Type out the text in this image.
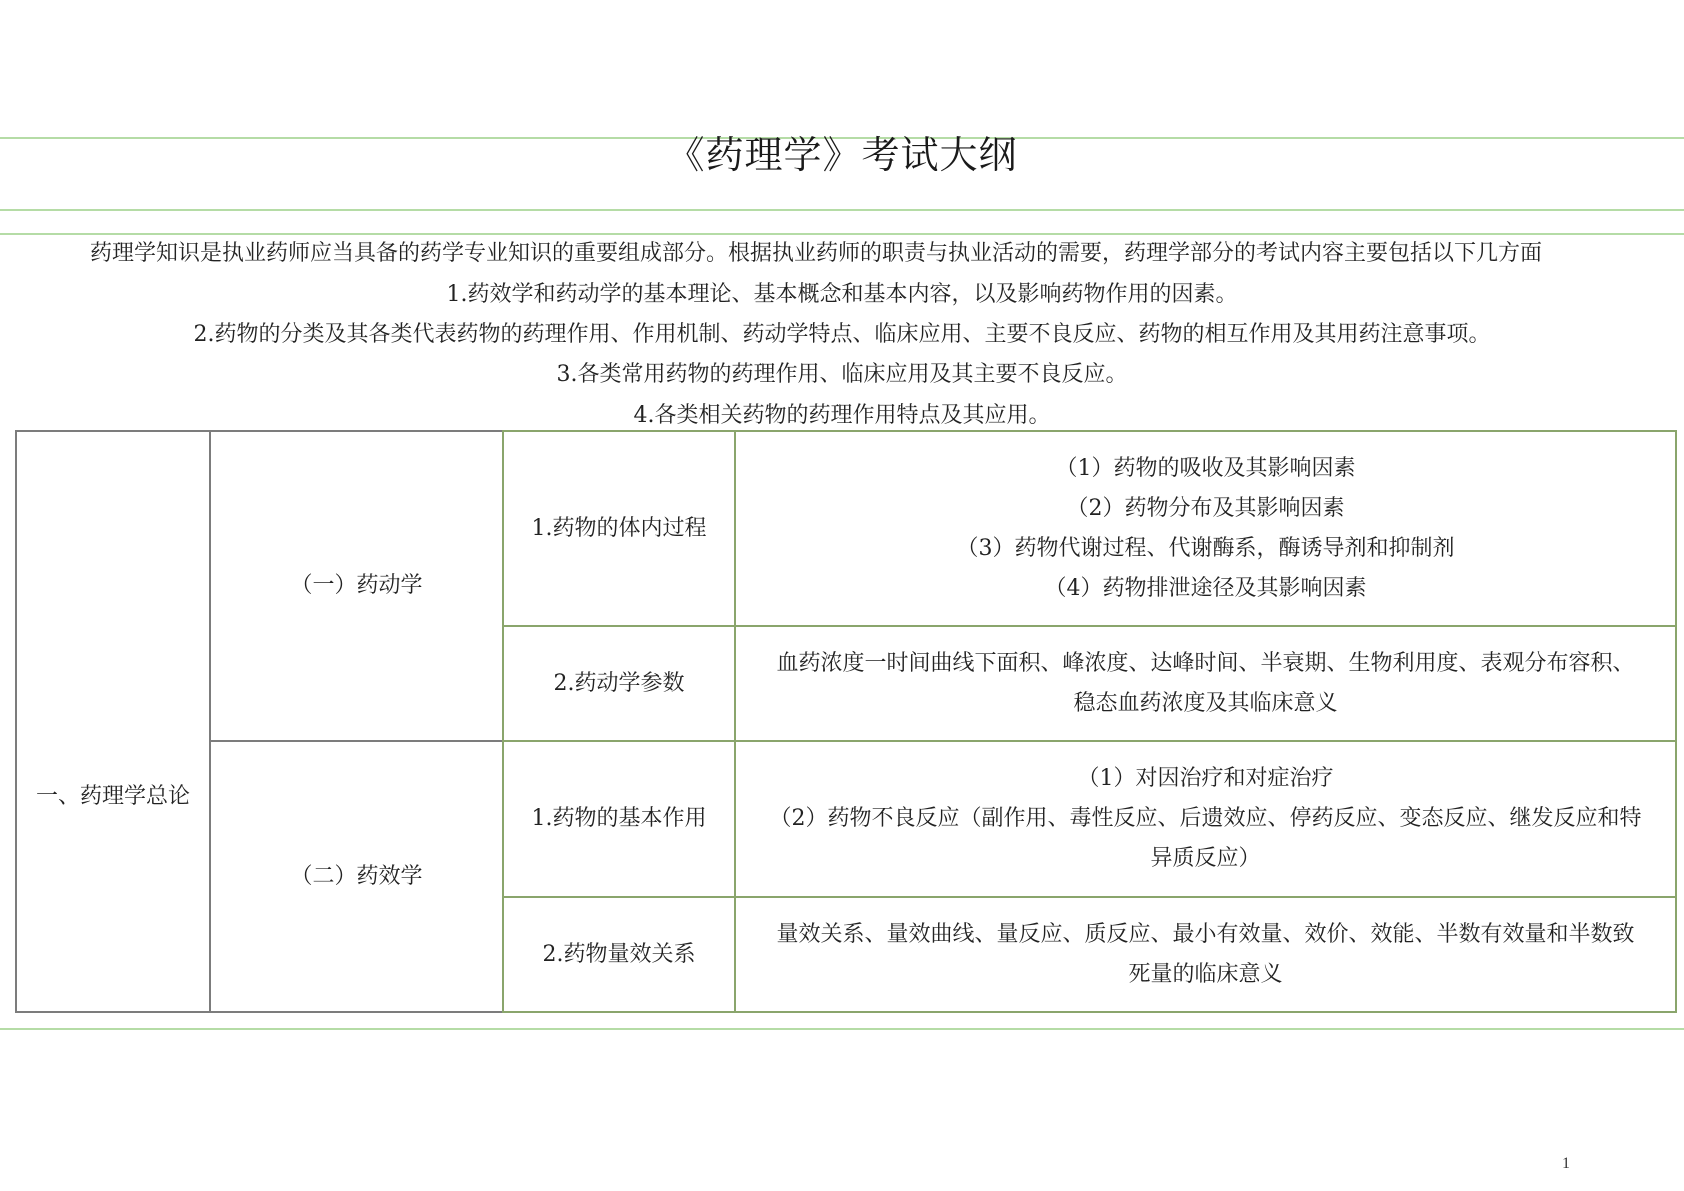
《药理学》考试大纲
药理学知识是执业药师应当具备的药学专业知识的重要组成部分。根据执业药师的职责与执业活动的需要，药理学部分的考试内容主要包括以下几方面
1.药效学和药动学的基本理论、基本概念和基本内容，以及影响药物作用的因素。
2.药物的分类及其各类代表药物的药理作用、作用机制、药动学特点、临床应用、主要不良反应、药物的相互作用及其用药注意事项。
3.各类常用药物的药理作用、临床应用及其主要不良反应。
4.各类相关药物的药理作用特点及其应用。
一、药理学总论
（一）药动学
（二）药效学
1.药物的体内过程
（1）药物的吸收及其影响因素
（2）药物分布及其影响因素
（3）药物代谢过程、代谢酶系，酶诱导剂和抑制剂
（4）药物排泄途径及其影响因素
2.药动学参数
血药浓度一时间曲线下面积、峰浓度、达峰时间、半衰期、生物利用度、表观分布容积、
稳态血药浓度及其临床意义
1.药物的基本作用
（1）对因治疗和对症治疗
（2）药物不良反应（副作用、毒性反应、后遗效应、停药反应、变态反应、继发反应和特
异质反应）
2.药物量效关系
量效关系、量效曲线、量反应、质反应、最小有效量、效价、效能、半数有效量和半数致
死量的临床意义
1
